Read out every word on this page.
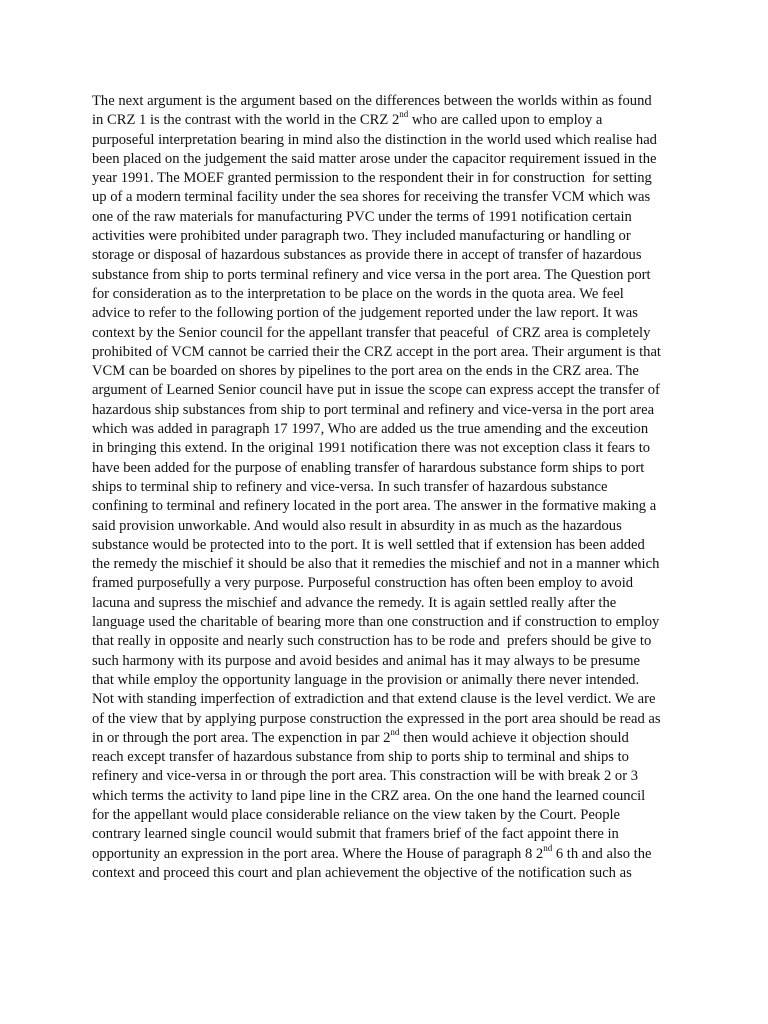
The next argument is the argument based on the differences between the worlds within as found
in CRZ 1 is the contrast with the world in the CRZ 2nd who are called upon to employ a
purposeful interpretation bearing in mind also the distinction in the world used which realise had
been placed on the judgement the said matter arose under the capacitor requirement issued in the
year 1991. The MOEF granted permission to the respondent their in for construction  for setting
up of a modern terminal facility under the sea shores for receiving the transfer VCM which was
one of the raw materials for manufacturing PVC under the terms of 1991 notification certain
activities were prohibited under paragraph two. They included manufacturing or handling or
storage or disposal of hazardous substances as provide there in accept of transfer of hazardous
substance from ship to ports terminal refinery and vice versa in the port area. The Question port
for consideration as to the interpretation to be place on the words in the quota area. We feel
advice to refer to the following portion of the judgement reported under the law report. It was
context by the Senior council for the appellant transfer that peaceful  of CRZ area is completely
prohibited of VCM cannot be carried their the CRZ accept in the port area. Their argument is that
VCM can be boarded on shores by pipelines to the port area on the ends in the CRZ area. The
argument of Learned Senior council have put in issue the scope can express accept the transfer of
hazardous ship substances from ship to port terminal and refinery and vice-versa in the port area
which was added in paragraph 17 1997, Who are added us the true amending and the exceution
in bringing this extend. In the original 1991 notification there was not exception class it fears to
have been added for the purpose of enabling transfer of harardous substance form ships to port
ships to terminal ship to refinery and vice-versa. In such transfer of hazardous substance
confining to terminal and refinery located in the port area. The answer in the formative making a
said provision unworkable. And would also result in absurdity in as much as the hazardous
substance would be protected into to the port. It is well settled that if extension has been added
the remedy the mischief it should be also that it remedies the mischief and not in a manner which
framed purposefully a very purpose. Purposeful construction has often been employ to avoid
lacuna and supress the mischief and advance the remedy. It is again settled really after the
language used the charitable of bearing more than one construction and if construction to employ
that really in opposite and nearly such construction has to be rode and  prefers should be give to
such harmony with its purpose and avoid besides and animal has it may always to be presume
that while employ the opportunity language in the provision or animally there never intended.
Not with standing imperfection of extradiction and that extend clause is the level verdict. We are
of the view that by applying purpose construction the expressed in the port area should be read as
in or through the port area. The expenction in par 2nd then would achieve it objection should
reach except transfer of hazardous substance from ship to ports ship to terminal and ships to
refinery and vice-versa in or through the port area. This constraction will be with break 2 or 3
which terms the activity to land pipe line in the CRZ area. On the one hand the learned council
for the appellant would place considerable reliance on the view taken by the Court. People
contrary learned single council would submit that framers brief of the fact appoint there in
opportunity an expression in the port area. Where the House of paragraph 8 2nd 6 th and also the
context and proceed this court and plan achievement the objective of the notification such as
